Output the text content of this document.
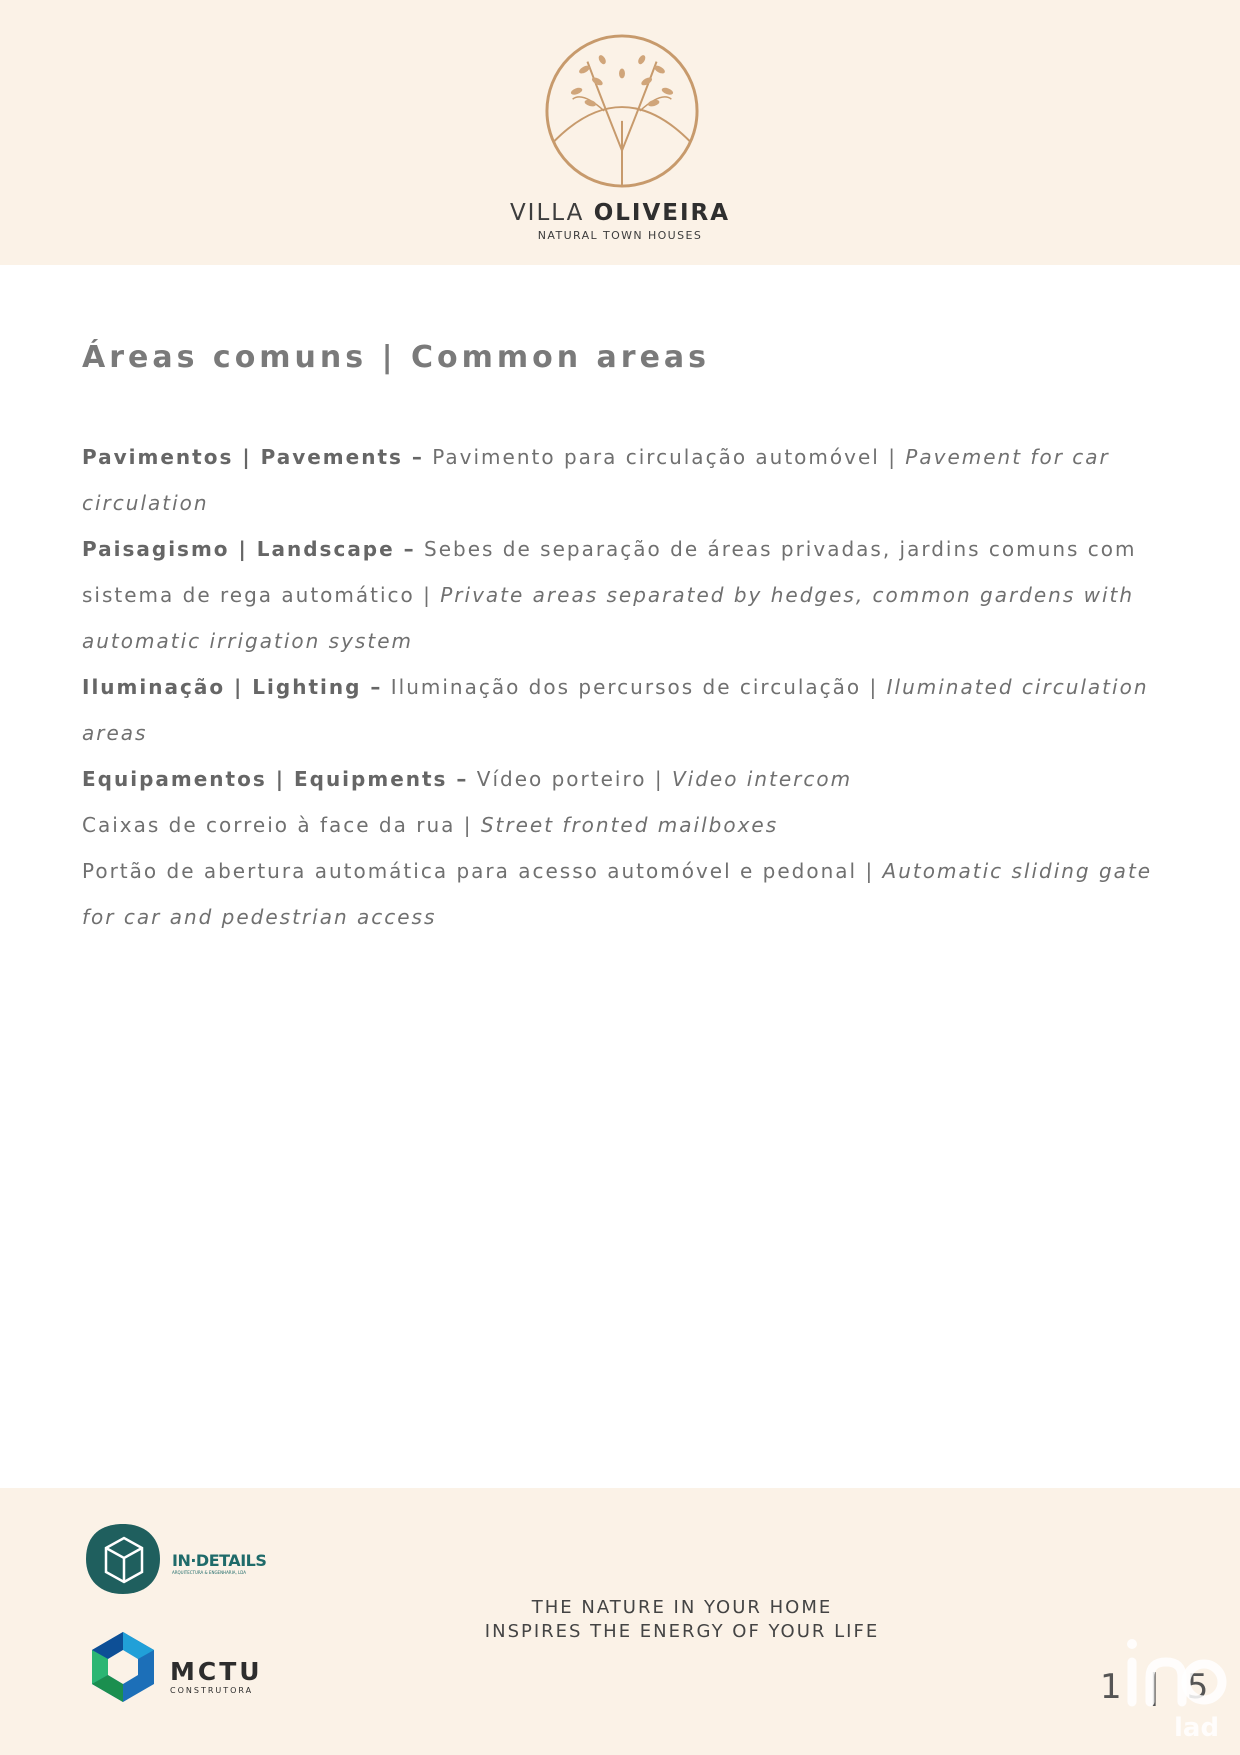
VILLA OLIVEIRA
NATURAL TOWN HOUSES
Áreas comuns | Common areas

Pavimentos | Pavements – Pavimento para circulação automóvel | Pavement for car circulation

Paisagismo | Landscape – Sebes de separação de áreas privadas, jardins comuns com sistema de rega automático | Private areas separated by hedges, common gardens with automatic irrigation system

Iluminação | Lighting – Iluminação dos percursos de circulação | Iluminated circulation areas

Equipamentos | Equipments – Vídeo porteiro | Video intercom

Caixas de correio à face da rua | Street fronted mailboxes

Portão de abertura automática para acesso automóvel e pedonal | Automatic sliding gate for car and pedestrian access

IN·DETAILS
ARQUITECTURA & ENGENHARIA, LDA
MCTU
CONSTRUTORA
THE NATURE IN YOUR HOME
INSPIRES THE ENERGY OF YOUR LIFE
1 | 5
lad
